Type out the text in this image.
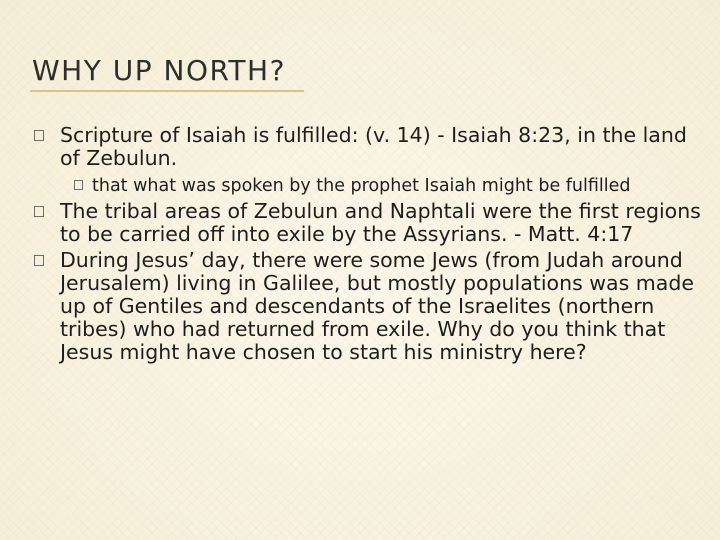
WHY UP NORTH?
Scripture of Isaiah is fulfilled: (v. 14) - Isaiah 8:23, in the land of Zebulun.
that what was spoken by the prophet Isaiah might be fulfilled
The tribal areas of Zebulun and Naphtali were the first regions to be carried off into exile by the Assyrians. - Matt. 4:17
During Jesus’ day, there were some Jews (from Judah around Jerusalem) living in Galilee, but mostly populations was made up of Gentiles and descendants of the Israelites (northern tribes) who had returned from exile. Why do you think that Jesus might have chosen to start his ministry here?
